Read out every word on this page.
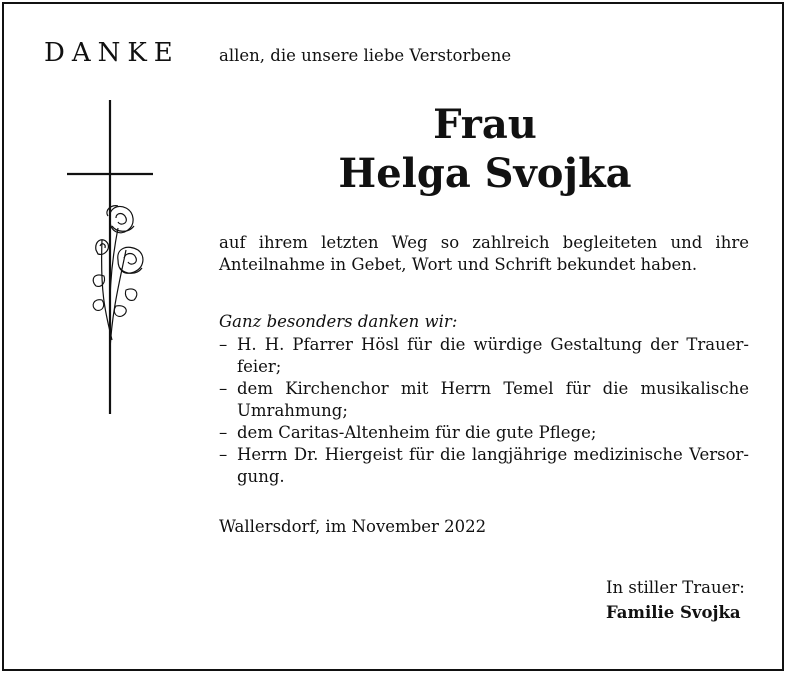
DANKE allen, die unsere liebe Verstorbene
Frau
Helga Svojka
auf ihrem letzten Weg so zahlreich begleiteten und ihre
Anteilnahme in Gebet, Wort und Schrift bekundet haben.
Ganz besonders danken wir:
– H. H. Pfarrer Hösl für die würdige Gestaltung der Trauer-
feier;
– dem Kirchenchor mit Herrn Temel für die musikalische
Umrahmung;
– dem Caritas-Altenheim für die gute Pflege;
– Herrn Dr. Hiergeist für die langjährige medizinische Versor-
gung.
Wallersdorf, im November 2022
In stiller Trauer:
Familie Svojka
